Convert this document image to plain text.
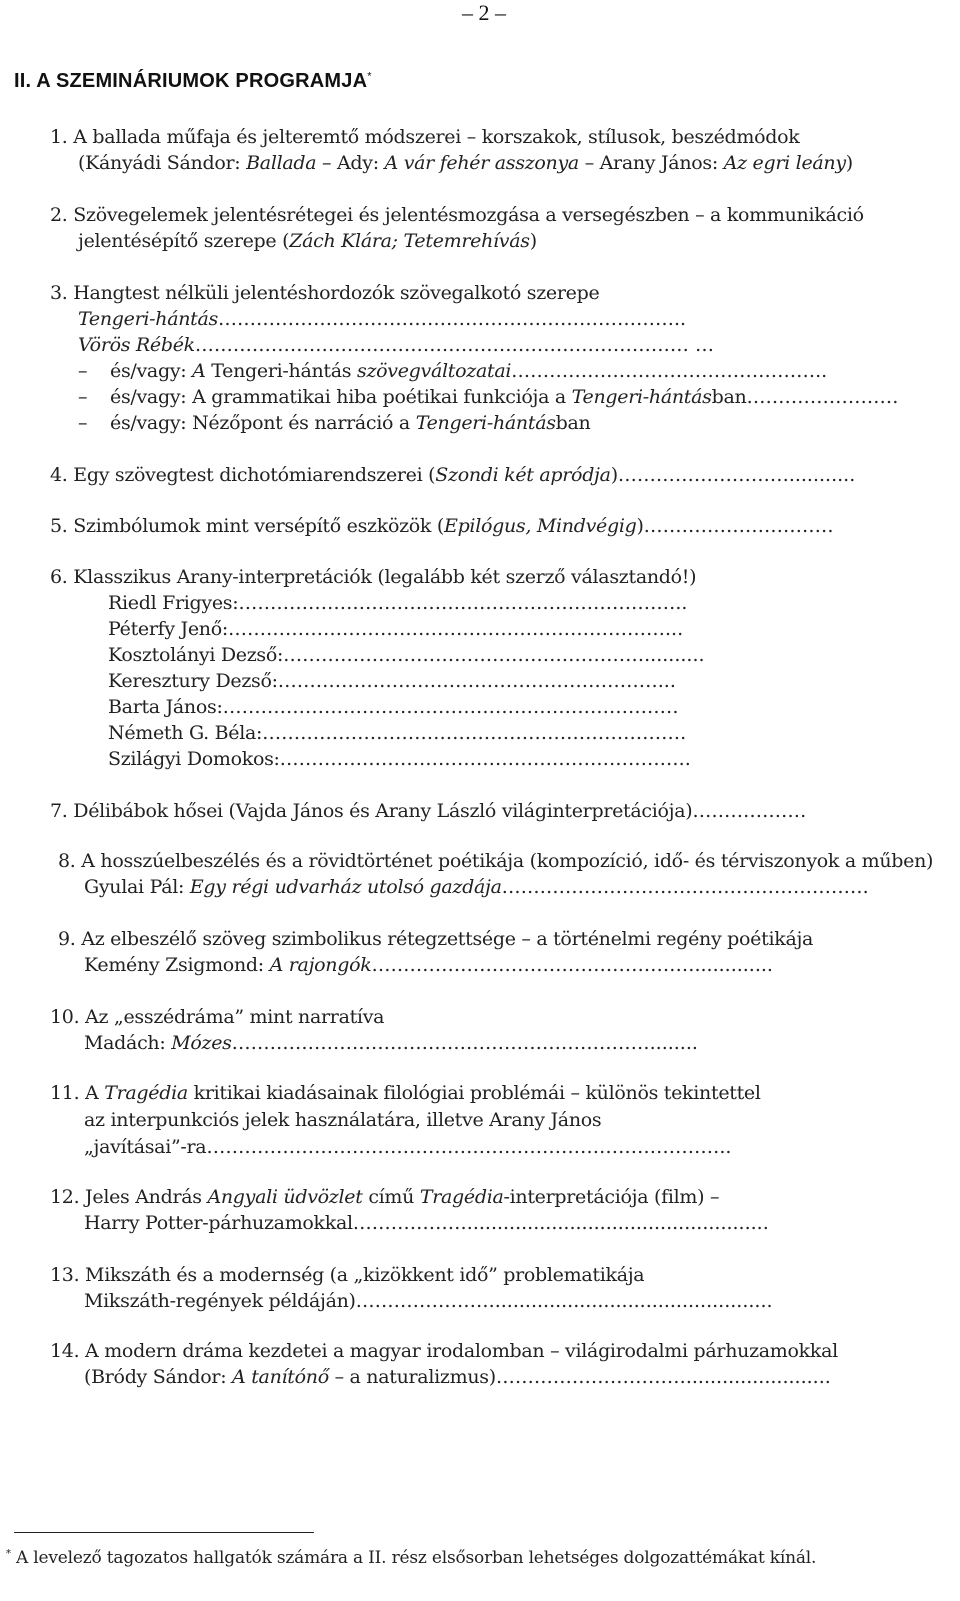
– 2 –
II. A SZEMINÁRIUMOK PROGRAMJA*
1. A ballada műfaja és jelteremtő módszerei – korszakok, stílusok, beszédmódok
(Kányádi Sándor: Ballada – Ady: A vár fehér asszonya – Arany János: Az egri leány)
2. Szövegelemek jelentésrétegei és jelentésmozgása a versegészben – a kommunikáció
jelentésépítő szerepe (Zách Klára; Tetemrehívás)
3. Hangtest nélküli jelentéshordozók szövegalkotó szerepe
Tengeri-hántás………………………………………………………………..
Vörös Rébék…………………………………………………………………… …
– és/vagy: A Tengeri-hántás szövegváltozatai…………………………………………..
– és/vagy: A grammatikai hiba poétikai funkciója a Tengeri-hántásban……………………
– és/vagy: Nézőpont és narráció a Tengeri-hántásban
4. Egy szövegtest dichotómiarendszerei (Szondi két apródja)………………………...........
5. Szimbólumok mint versépítő eszközök (Epilógus, Mindvégig)…………………………
6. Klasszikus Arany-interpretációk (legalább két szerző választandó!)
Riedl Frigyes:……………………………………………………………..
Péterfy Jenő:……………………………………………………………...
Kosztolányi Dezső:…………………………………………………..........
Keresztury Dezső:……………………………………………………...
Barta János:………………………………………………………………
Németh G. Béla:………………………………………………………….
Szilágyi Domokos:………………………………………………………..
7. Délibábok hősei (Vajda János és Arany László világinterpretációja)………………
8. A hosszúelbeszélés és a rövidtörténet poétikája (kompozíció, idő- és térviszonyok a műben)
Gyulai Pál: Egy régi udvarház utolsó gazdája………………………………………………….
9. Az elbeszélő szöveg szimbolikus rétegzettsége – a történelmi regény poétikája
Kemény Zsigmond: A rajongók…………………………………………….............
10. Az „esszédráma” mint narratíva
Madách: Mózes…………………………………………………………........
11. A Tragédia kritikai kiadásainak filológiai problémái – különös tekintettel
az interpunkciós jelek használatára, illetve Arany János
„javításai”-ra………………………………………………………………………..
12. Jeles András Angyali üdvözlet című Tragédia-interpretációja (film) –
Harry Potter-párhuzamokkal………………..................................................
13. Mikszáth és a modernség (a „kizökkent idő” problematikája
Mikszáth-regények példáján)…………………...............................................
14. A modern dráma kezdetei a magyar irodalomban – világirodalmi párhuzamokkal
(Bródy Sándor: A tanítónő – a naturalizmus)…………………………........................
* A levelező tagozatos hallgatók számára a II. rész elsősorban lehetséges dolgozattémákat kínál.
